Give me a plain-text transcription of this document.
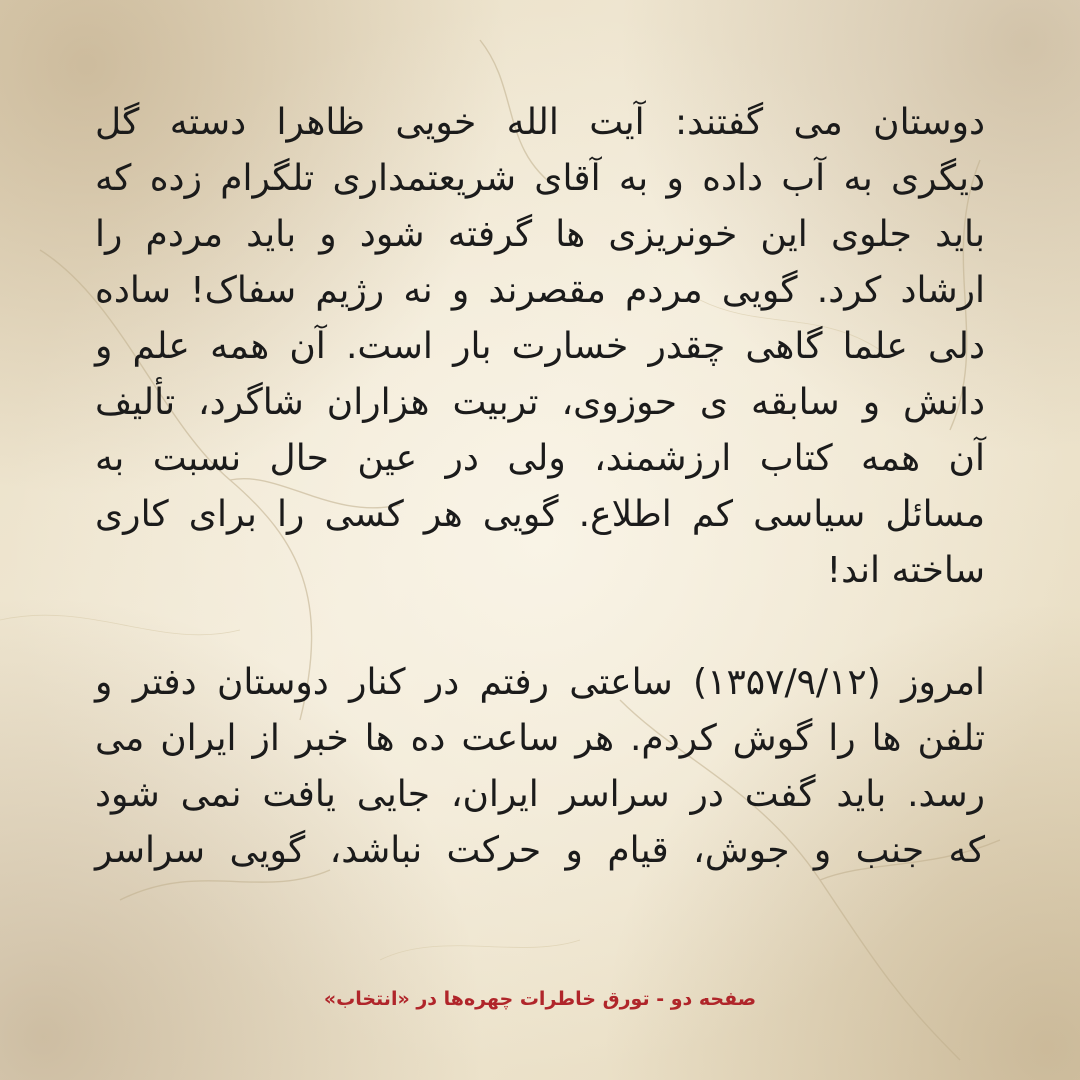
دوستان می گفتند: آیت الله خویی ظاهرا دسته گل
دیگری به آب داده و به آقای شریعتمداری تلگرام زده که
باید جلوی این خونریزی ها گرفته شود و باید مردم را
ارشاد کرد. گویی مردم مقصرند و نه رژیم سفاک! ساده
دلی علما گاهی چقدر خسارت بار است. آن همه علم و
دانش و سابقه ی حوزوی، تربیت هزاران شاگرد، تألیف
آن همه کتاب ارزشمند، ولی در عین حال نسبت به
مسائل سیاسی کم اطلاع. گویی هر کسی را برای کاری
ساخته اند!
امروز (۱۳۵۷/۹/۱۲) ساعتی رفتم در کنار دوستان دفتر و
تلفن ها را گوش کردم. هر ساعت ده ها خبر از ایران می
رسد. باید گفت در سراسر ایران، جایی یافت نمی شود
که جنب و جوش، قیام و حرکت نباشد، گویی سراسر
صفحه دو - تورق خاطرات چهره‌ها در «انتخاب»
